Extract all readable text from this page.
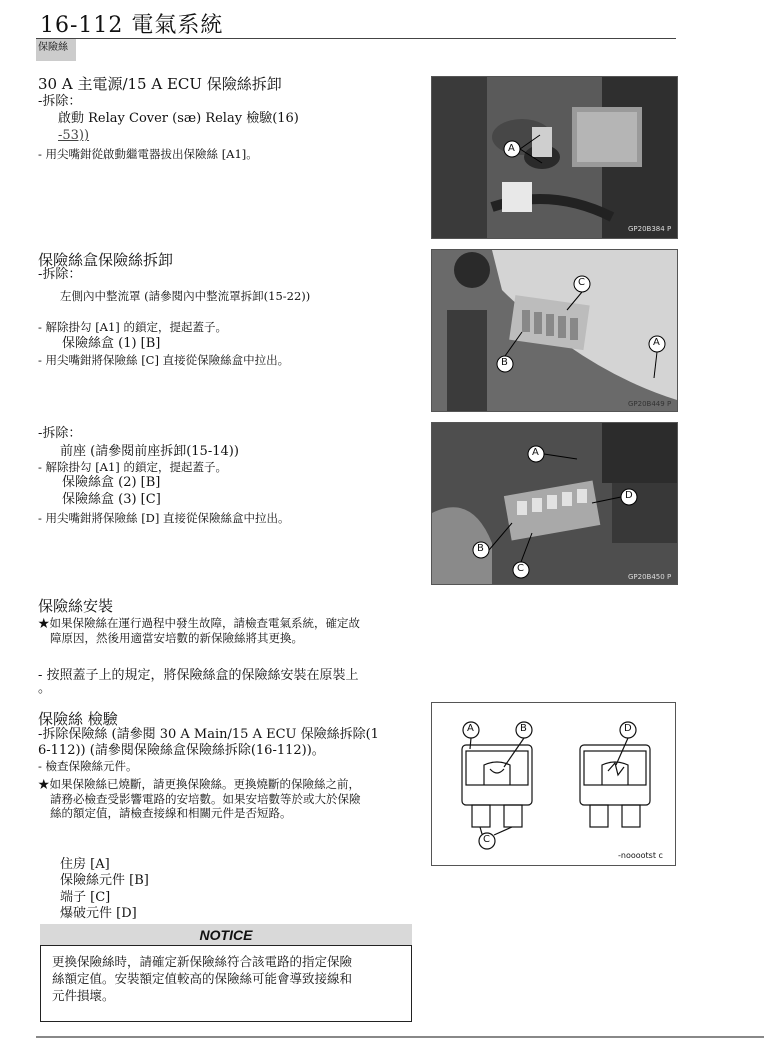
16-112 電氣系統
保險絲
30 A 主電源/15 A ECU 保險絲拆卸
-拆除：
啟動 Relay Cover (sæ) Relay 檢驗(16)
-53))
- 用尖嘴鉗從啟動繼電器拔出保險絲 [A1]。	A
GP20B384 P
保險絲盒保險絲拆卸
-拆除：
左側內中整流罩 (請參閱內中整流罩拆卸(15-22))
- 解除掛勾 [A1] 的鎖定，提起蓋子。
保險絲盒 (1) [B]
- 用尖嘴鉗將保險絲 [C] 直接從保險絲盒中拉出。
C
A
B
GP20B449 P
-拆除：
前座 (請參閱前座拆卸(15-14))
- 解除掛勾 [A1] 的鎖定，提起蓋子。
保險絲盒 (2) [B]
保險絲盒 (3) [C]
- 用尖嘴鉗將保險絲 [D] 直接從保險絲盒中拉出。
A
D
B
C
GP20B450 P
保險絲安裝
★如果保險絲在運行過程中發生故障，請檢查電氣系統，確定故
障原因，然後用適當安培數的新保險絲將其更換。
- 按照蓋子上的規定，將保險絲盒的保險絲安裝在原裝上
。
保險絲 檢驗
-拆除保險絲 (請參閱 30 A Main/15 A ECU 保險絲拆除(1
6-112)) (請參閱保險絲盒保險絲拆除(16-112))。
- 檢查保險絲元件。
★如果保險絲已燒斷，請更換保險絲。更換燒斷的保險絲之前，
請務必檢查受影響電路的安培數。如果安培數等於或大於保險
絲的額定值，請檢查接線和相關元件是否短路。
住房 [A]
保險絲元件 [B]
端子 [C]
爆破元件 [D]
A	B	D
C
-nooootst c
NOTICE
更換保險絲時，請確定新保險絲符合該電路的指定保險
絲額定值。安裝額定值較高的保險絲可能會導致接線和
元件損壞。
